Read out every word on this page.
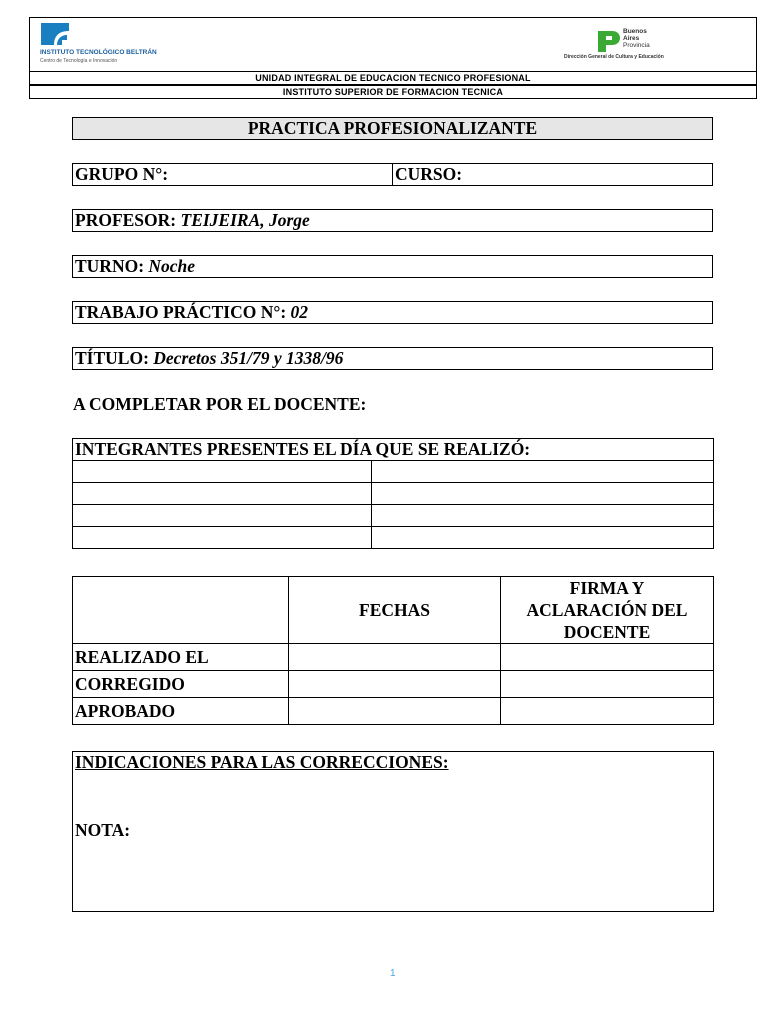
INSTITUTO TECNOLÓGICO BELTRÁN
Centro de Tecnología e Innovación
Buenos
Aires
Provincia
Dirección General de Cultura y Educación
UNIDAD INTEGRAL DE EDUCACION TECNICO PROFESIONAL
INSTITUTO SUPERIOR DE FORMACION TECNICA
PRACTICA PROFESIONALIZANTE
GRUPO N°:	CURSO:
PROFESOR: TEIJEIRA, Jorge
TURNO: Noche
TRABAJO PRÁCTICO N°: 02
TÍTULO: Decretos 351/79 y 1338/96
A COMPLETAR POR EL DOCENTE:
INTEGRANTES PRESENTES EL DÍA QUE SE REALIZÓ:	

	FECHAS	FIRMA Y ACLARACIÓN DEL DOCENTE
REALIZADO EL		
CORREGIDO		
APROBADO		
INDICACIONES PARA LAS CORRECCIONES:
NOTA:
1
